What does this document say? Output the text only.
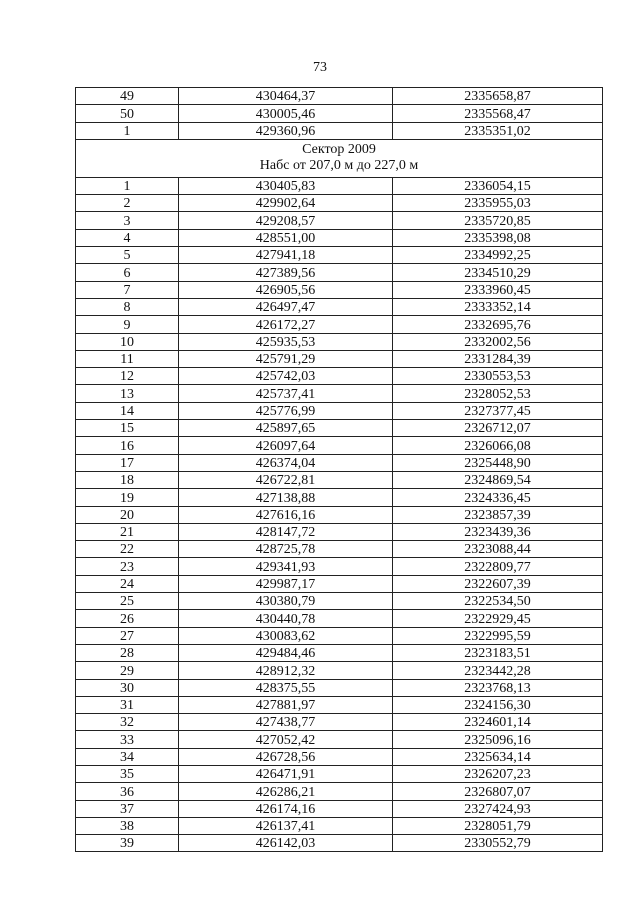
73
49	430464,37	2335658,87
50	430005,46	2335568,47
1	429360,96	2335351,02

Сектор 2009
Набс от 207,0 м до 227,0 м		

1	430405,83	2336054,15
2	429902,64	2335955,03
3	429208,57	2335720,85
4	428551,00	2335398,08
5	427941,18	2334992,25
6	427389,56	2334510,29
7	426905,56	2333960,45
8	426497,47	2333352,14
9	426172,27	2332695,76
10	425935,53	2332002,56
11	425791,29	2331284,39
12	425742,03	2330553,53
13	425737,41	2328052,53
14	425776,99	2327377,45
15	425897,65	2326712,07
16	426097,64	2326066,08
17	426374,04	2325448,90
18	426722,81	2324869,54
19	427138,88	2324336,45
20	427616,16	2323857,39
21	428147,72	2323439,36
22	428725,78	2323088,44
23	429341,93	2322809,77
24	429987,17	2322607,39
25	430380,79	2322534,50
26	430440,78	2322929,45
27	430083,62	2322995,59
28	429484,46	2323183,51
29	428912,32	2323442,28
30	428375,55	2323768,13
31	427881,97	2324156,30
32	427438,77	2324601,14
33	427052,42	2325096,16
34	426728,56	2325634,14
35	426471,91	2326207,23
36	426286,21	2326807,07
37	426174,16	2327424,93
38	426137,41	2328051,79
39	426142,03	2330552,79
